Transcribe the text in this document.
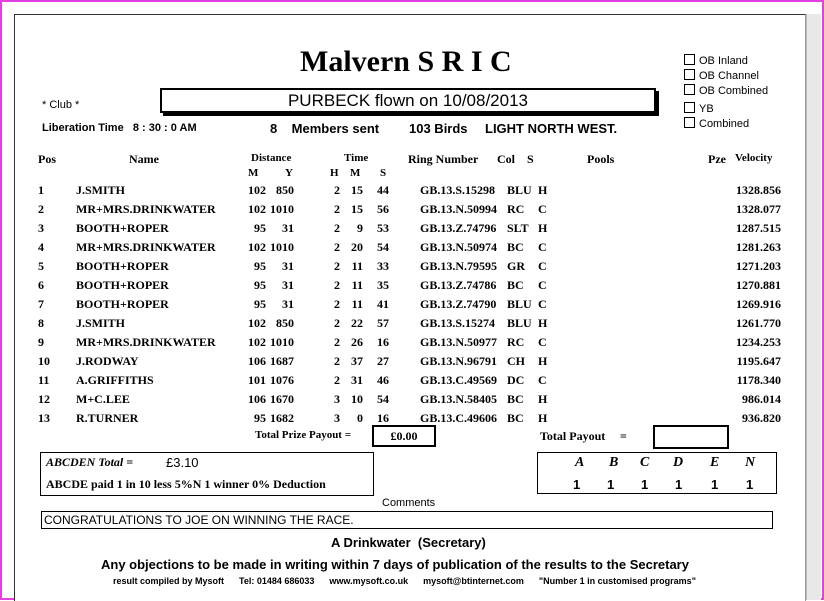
Malvern S R I C
* Club *	PURBECK flown on 10/08/2013
OB Inland
OB Channel
OB Combined
YB
Combined
Liberation Time   8 : 30 : 0 AM	8    Members sent 103 Birds LIGHT NORTH WEST.
Pos	Name	Distance
M Y
Time
H M S
Ring Number Col S	Pools	Pze Velocity
1	J.SMITH	102 850	2 15	44	GB.13.S.15298 BLU H	1328.856
2	MR+MRS.DRINKWATER	102 1010	2 15	56	GB.13.N.50994 RC C	1328.077
3	BOOTH+ROPER	95	31	2	9	53	GB.13.Z.74796 SLT H	1287.515
4	MR+MRS.DRINKWATER	102 1010	2 20	54	GB.13.N.50974 BC C	1281.263
5	BOOTH+ROPER	95	31	2 11	33	GB.13.N.79595 GR C	1271.203
6	BOOTH+ROPER	95	31	2 11	35	GB.13.Z.74786 BC C	1270.881
7	BOOTH+ROPER	95	31	2 11	41	GB.13.Z.74790 BLU C	1269.916
8	J.SMITH	102 850	2 22	57	GB.13.S.15274 BLU H	1261.770
9	MR+MRS.DRINKWATER	102 1010	2 26	16	GB.13.N.50977 RC C	1234.253
10 J.RODWAY	106 1687	2 37	27	GB.13.N.96791 CH H	1195.647
11 A.GRIFFITHS	101 1076	2 31	46	GB.13.C.49569 DC C	1178.340
12 M+C.LEE	106 1670	3 10	54	GB.13.N.58405 BC H	986.014
13 R.TURNER	95 1682	3	0	16	GB.13.C.49606 BC H	936.820
Total Prize Payout =	£0.00	Total Payout =
ABCDEN Total =	£3.10
ABCDE paid 1 in 10 less 5%N 1 winner 0% Deduction
A B C D E N
1 1 1 1 1 1
Comments
CONGRATULATIONS TO JOE ON WINNING THE RACE.
A Drinkwater  (Secretary)
Any objections to be made in writing within 7 days of publication of the results to the Secretary
result compiled by Mysoft      Tel: 01484 686033      www.mysoft.co.uk      mysoft@btinternet.com      "Number 1 in customised programs"
